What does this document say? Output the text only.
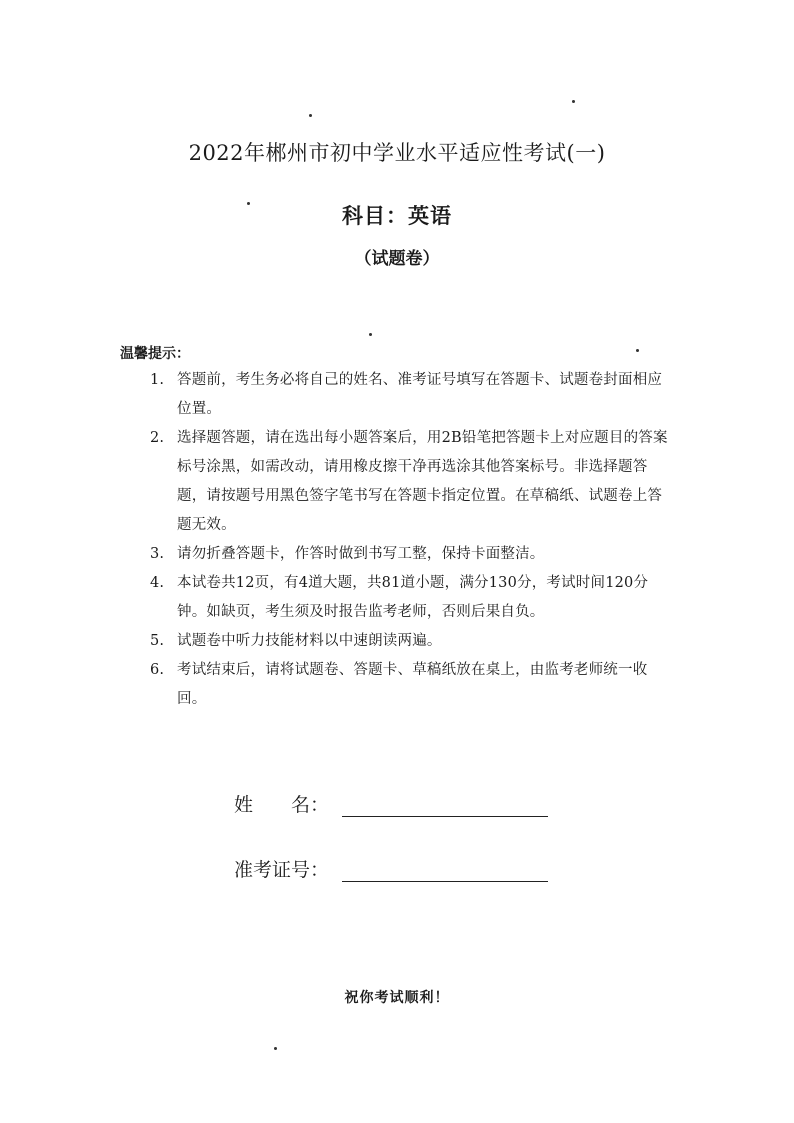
2022年郴州市初中学业水平适应性考试(一)
科目：英语
（试题卷）
温馨提示：
1. 答题前，考生务必将自己的姓名、准考证号填写在答题卡、试题卷封面相应位置。
2. 选择题答题，请在选出每小题答案后，用2B铅笔把答题卡上对应题目的答案标号涂黑，如需改动，请用橡皮擦干净再选涂其他答案标号。非选择题答题，请按题号用黑色签字笔书写在答题卡指定位置。在草稿纸、试题卷上答题无效。
3. 请勿折叠答题卡，作答时做到书写工整，保持卡面整洁。
4. 本试卷共12页，有4道大题，共81道小题，满分130分，考试时间120分钟。如缺页，考生须及时报告监考老师，否则后果自负。
5. 试题卷中听力技能材料以中速朗读两遍。
6. 考试结束后，请将试题卷、答题卡、草稿纸放在桌上，由监考老师统一收回。
姓　　名：
准考证号：
祝你考试顺利！
